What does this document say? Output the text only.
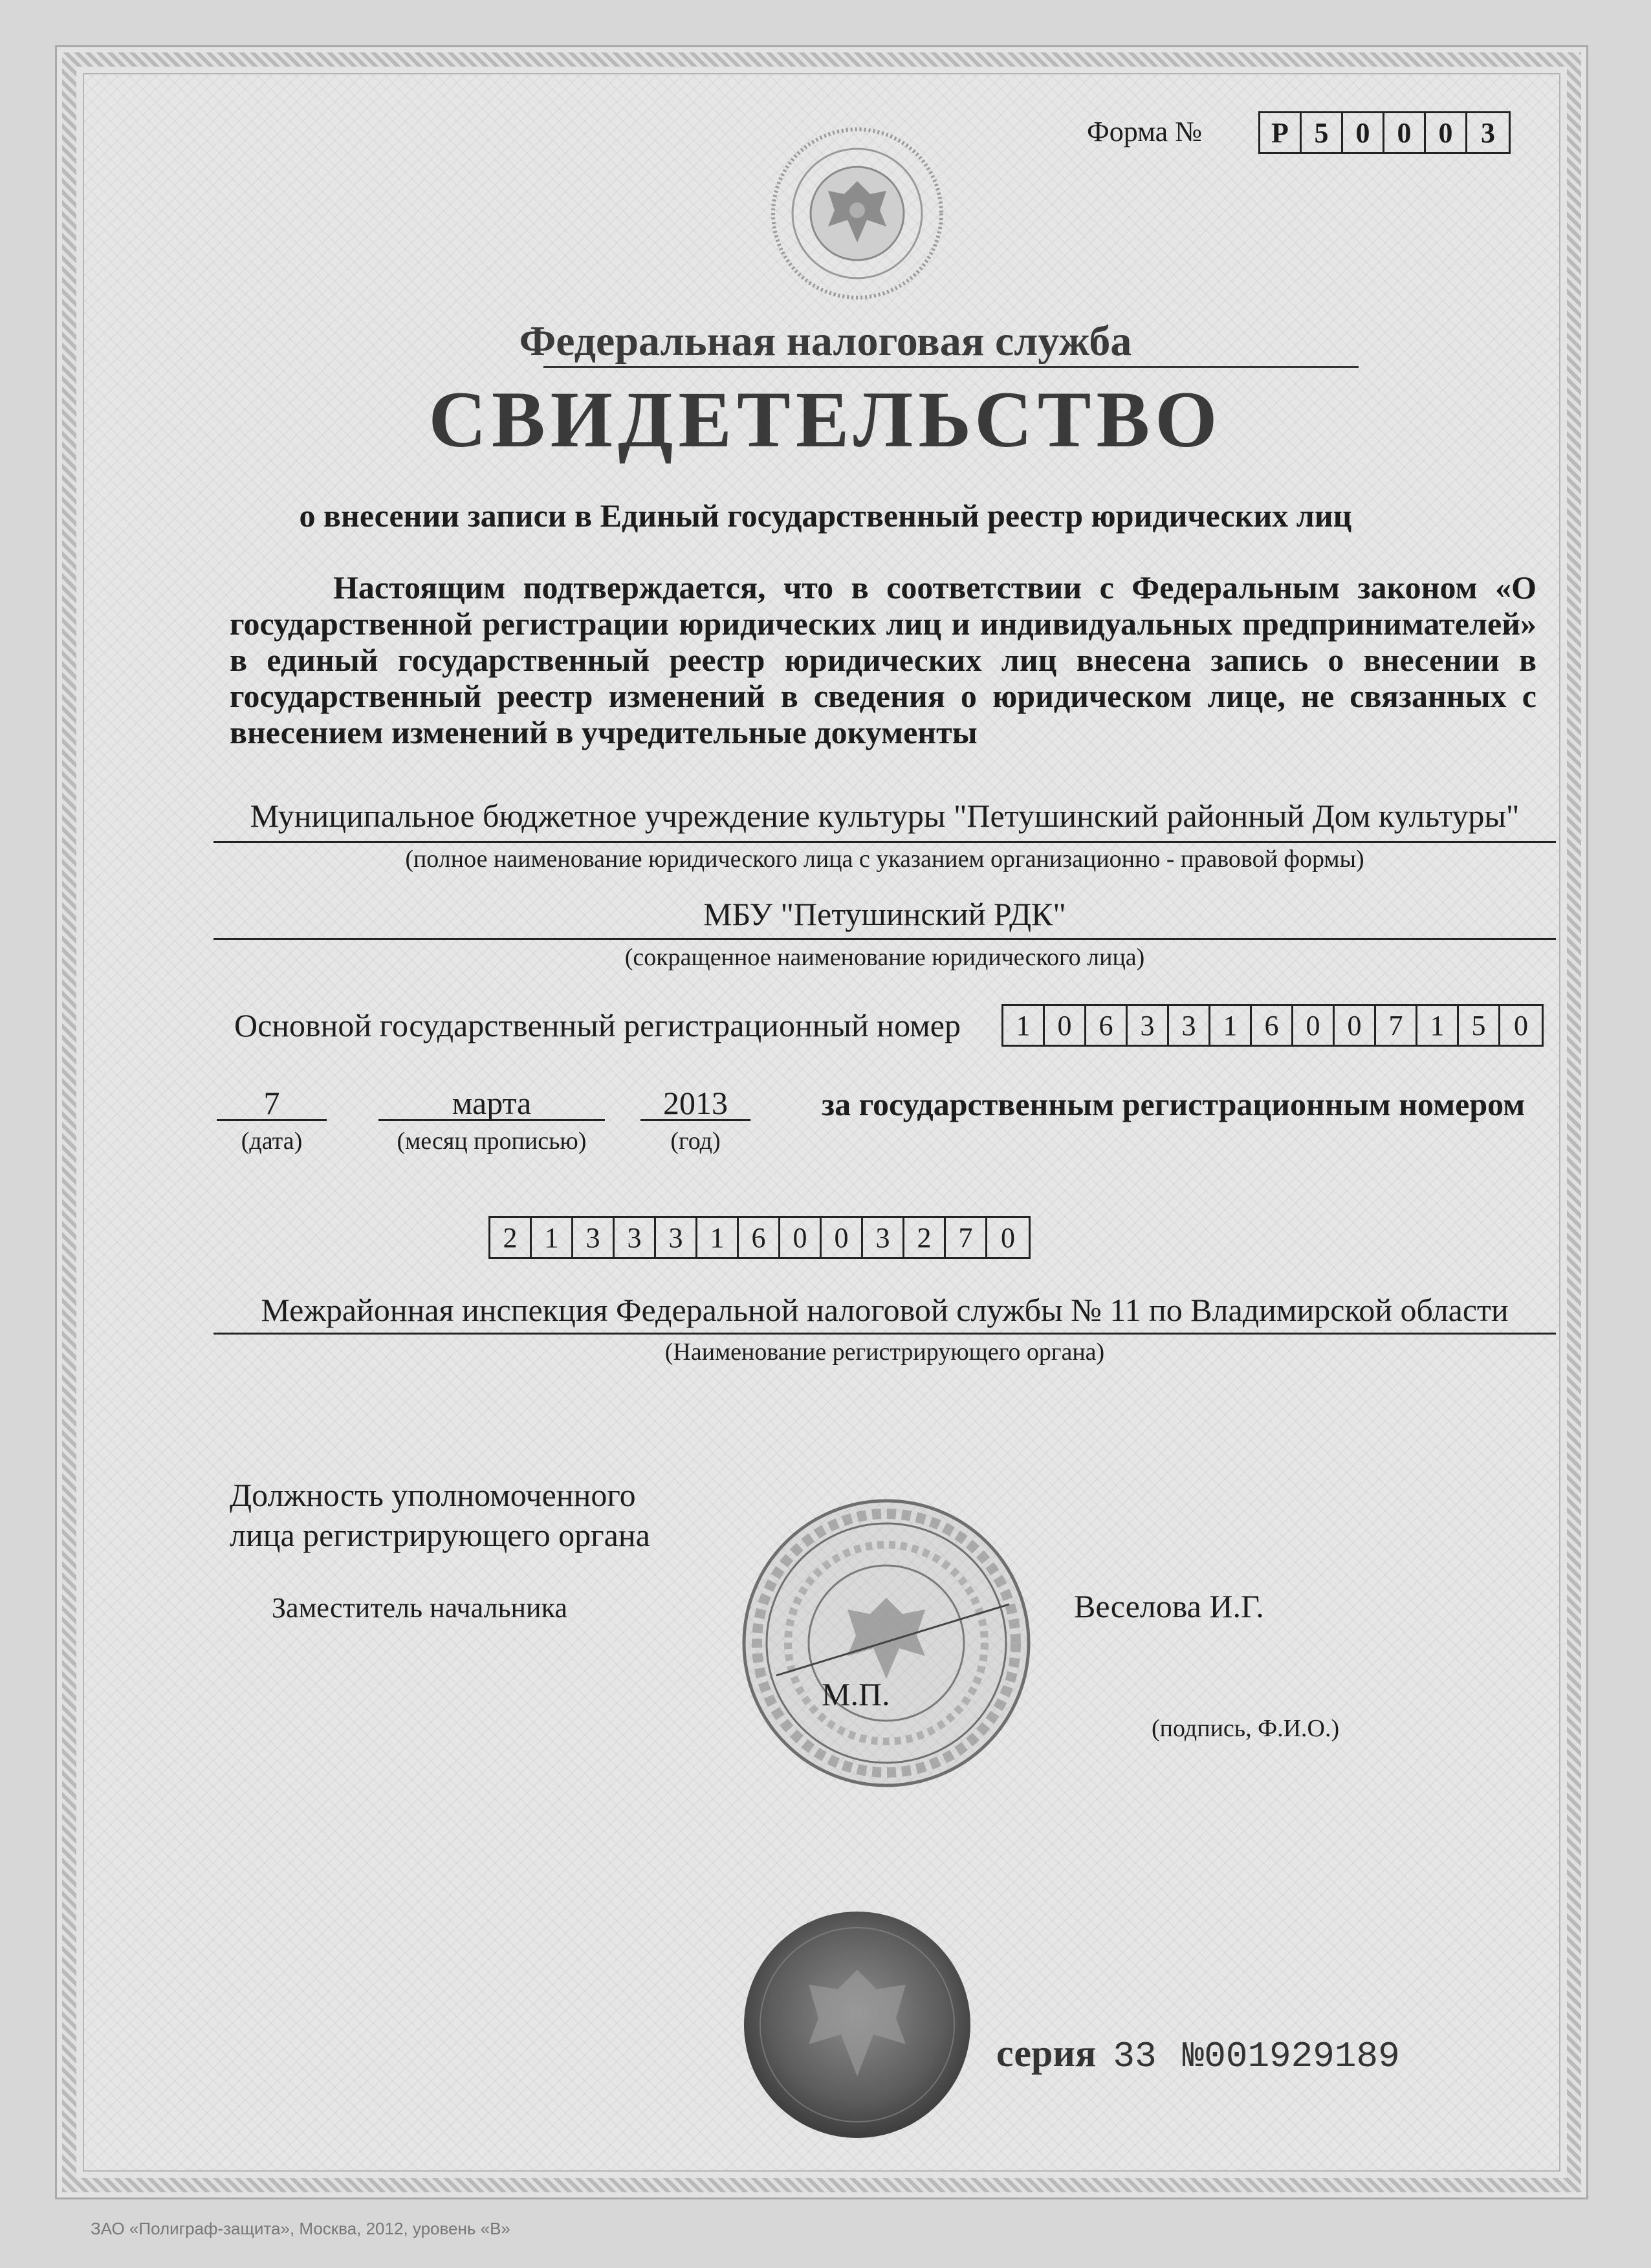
Форма №	Р 5 0 0 0 3
Федеральная налоговая служба
СВИДЕТЕЛЬСТВО
о внесении записи в Единый государственный реестр юридических лиц
Настоящим подтверждается, что в соответствии с Федеральным законом «О государственной регистрации юридических лиц и индивидуальных предпринимателей» в единый государственный реестр юридических лиц внесена запись о внесении в государственный реестр изменений в сведения о юридическом лице, не связанных с внесением изменений в учредительные документы
Муниципальное бюджетное учреждение культуры "Петушинский районный Дом культуры"
(полное наименование юридического лица с указанием организационно - правовой формы)
МБУ "Петушинский РДК"
(сокращенное наименование юридического лица)
Основной государственный регистрационный номер	1 0 6 3 3 1 6 0 0 7 1 5 0
7
(дата)
марта
(месяц прописью)
2013
(год)
за государственным регистрационным номером
2 1 3 3 3 1 6 0 0 3 2 7 0
Межрайонная инспекция Федеральной налоговой службы № 11 по Владимирской области
(Наименование регистрирующего органа)
Должность уполномоченного
лица регистрирующего органа
Заместитель начальника
М.П.
Веселова И.Г.
(подпись, Ф.И.О.)
серия 33 №001929189
ЗАО «Полиграф-защита», Москва, 2012, уровень «В»
